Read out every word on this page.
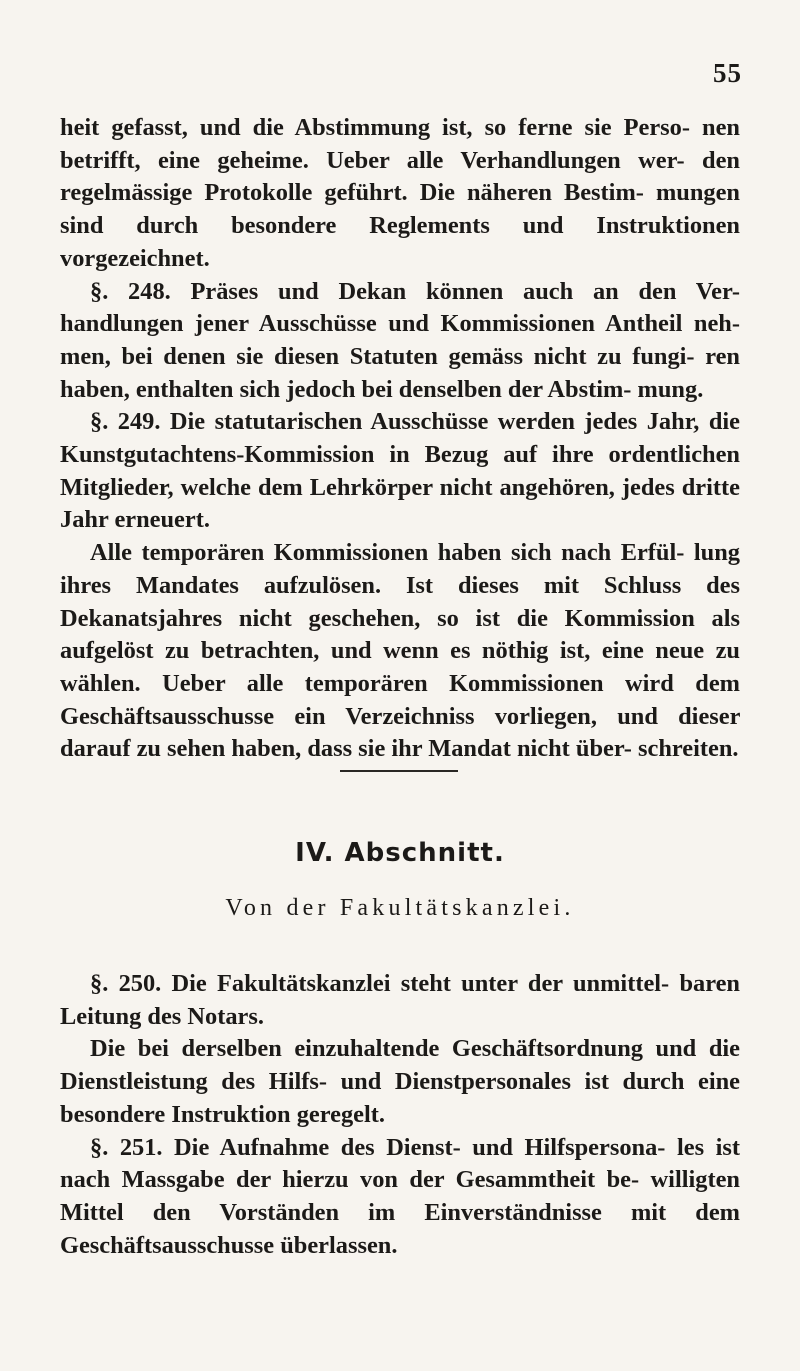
55

heit gefasst, und die Abstimmung ist, so ferne sie Perso- nen betrifft, eine geheime. Ueber alle Verhandlungen wer- den regelmässige Protokolle geführt. Die näheren Bestim- mungen sind durch besondere Reglements und Instruktionen vorgezeichnet.

§. 248. Präses und Dekan können auch an den Ver- handlungen jener Ausschüsse und Kommissionen Antheil neh- men, bei denen sie diesen Statuten gemäss nicht zu fungi- ren haben, enthalten sich jedoch bei denselben der Abstim- mung.

§. 249. Die statutarischen Ausschüsse werden jedes Jahr, die Kunstgutachtens-Kommission in Bezug auf ihre ordentlichen Mitglieder, welche dem Lehrkörper nicht angehören, jedes dritte Jahr erneuert.

Alle temporären Kommissionen haben sich nach Erfül- lung ihres Mandates aufzulösen. Ist dieses mit Schluss des Dekanatsjahres nicht geschehen, so ist die Kommission als aufgelöst zu betrachten, und wenn es nöthig ist, eine neue zu wählen. Ueber alle temporären Kommissionen wird dem Geschäftsausschusse ein Verzeichniss vorliegen, und dieser darauf zu sehen haben, dass sie ihr Mandat nicht über- schreiten.

IV. Abschnitt.
Von der Fakultätskanzlei.

§. 250. Die Fakultätskanzlei steht unter der unmittel- baren Leitung des Notars.

Die bei derselben einzuhaltende Geschäftsordnung und die Dienstleistung des Hilfs- und Dienstpersonales ist durch eine besondere Instruktion geregelt.

§. 251. Die Aufnahme des Dienst- und Hilfspersona- les ist nach Massgabe der hierzu von der Gesammtheit be- willigten Mittel den Vorständen im Einverständnisse mit dem Geschäftsausschusse überlassen.
